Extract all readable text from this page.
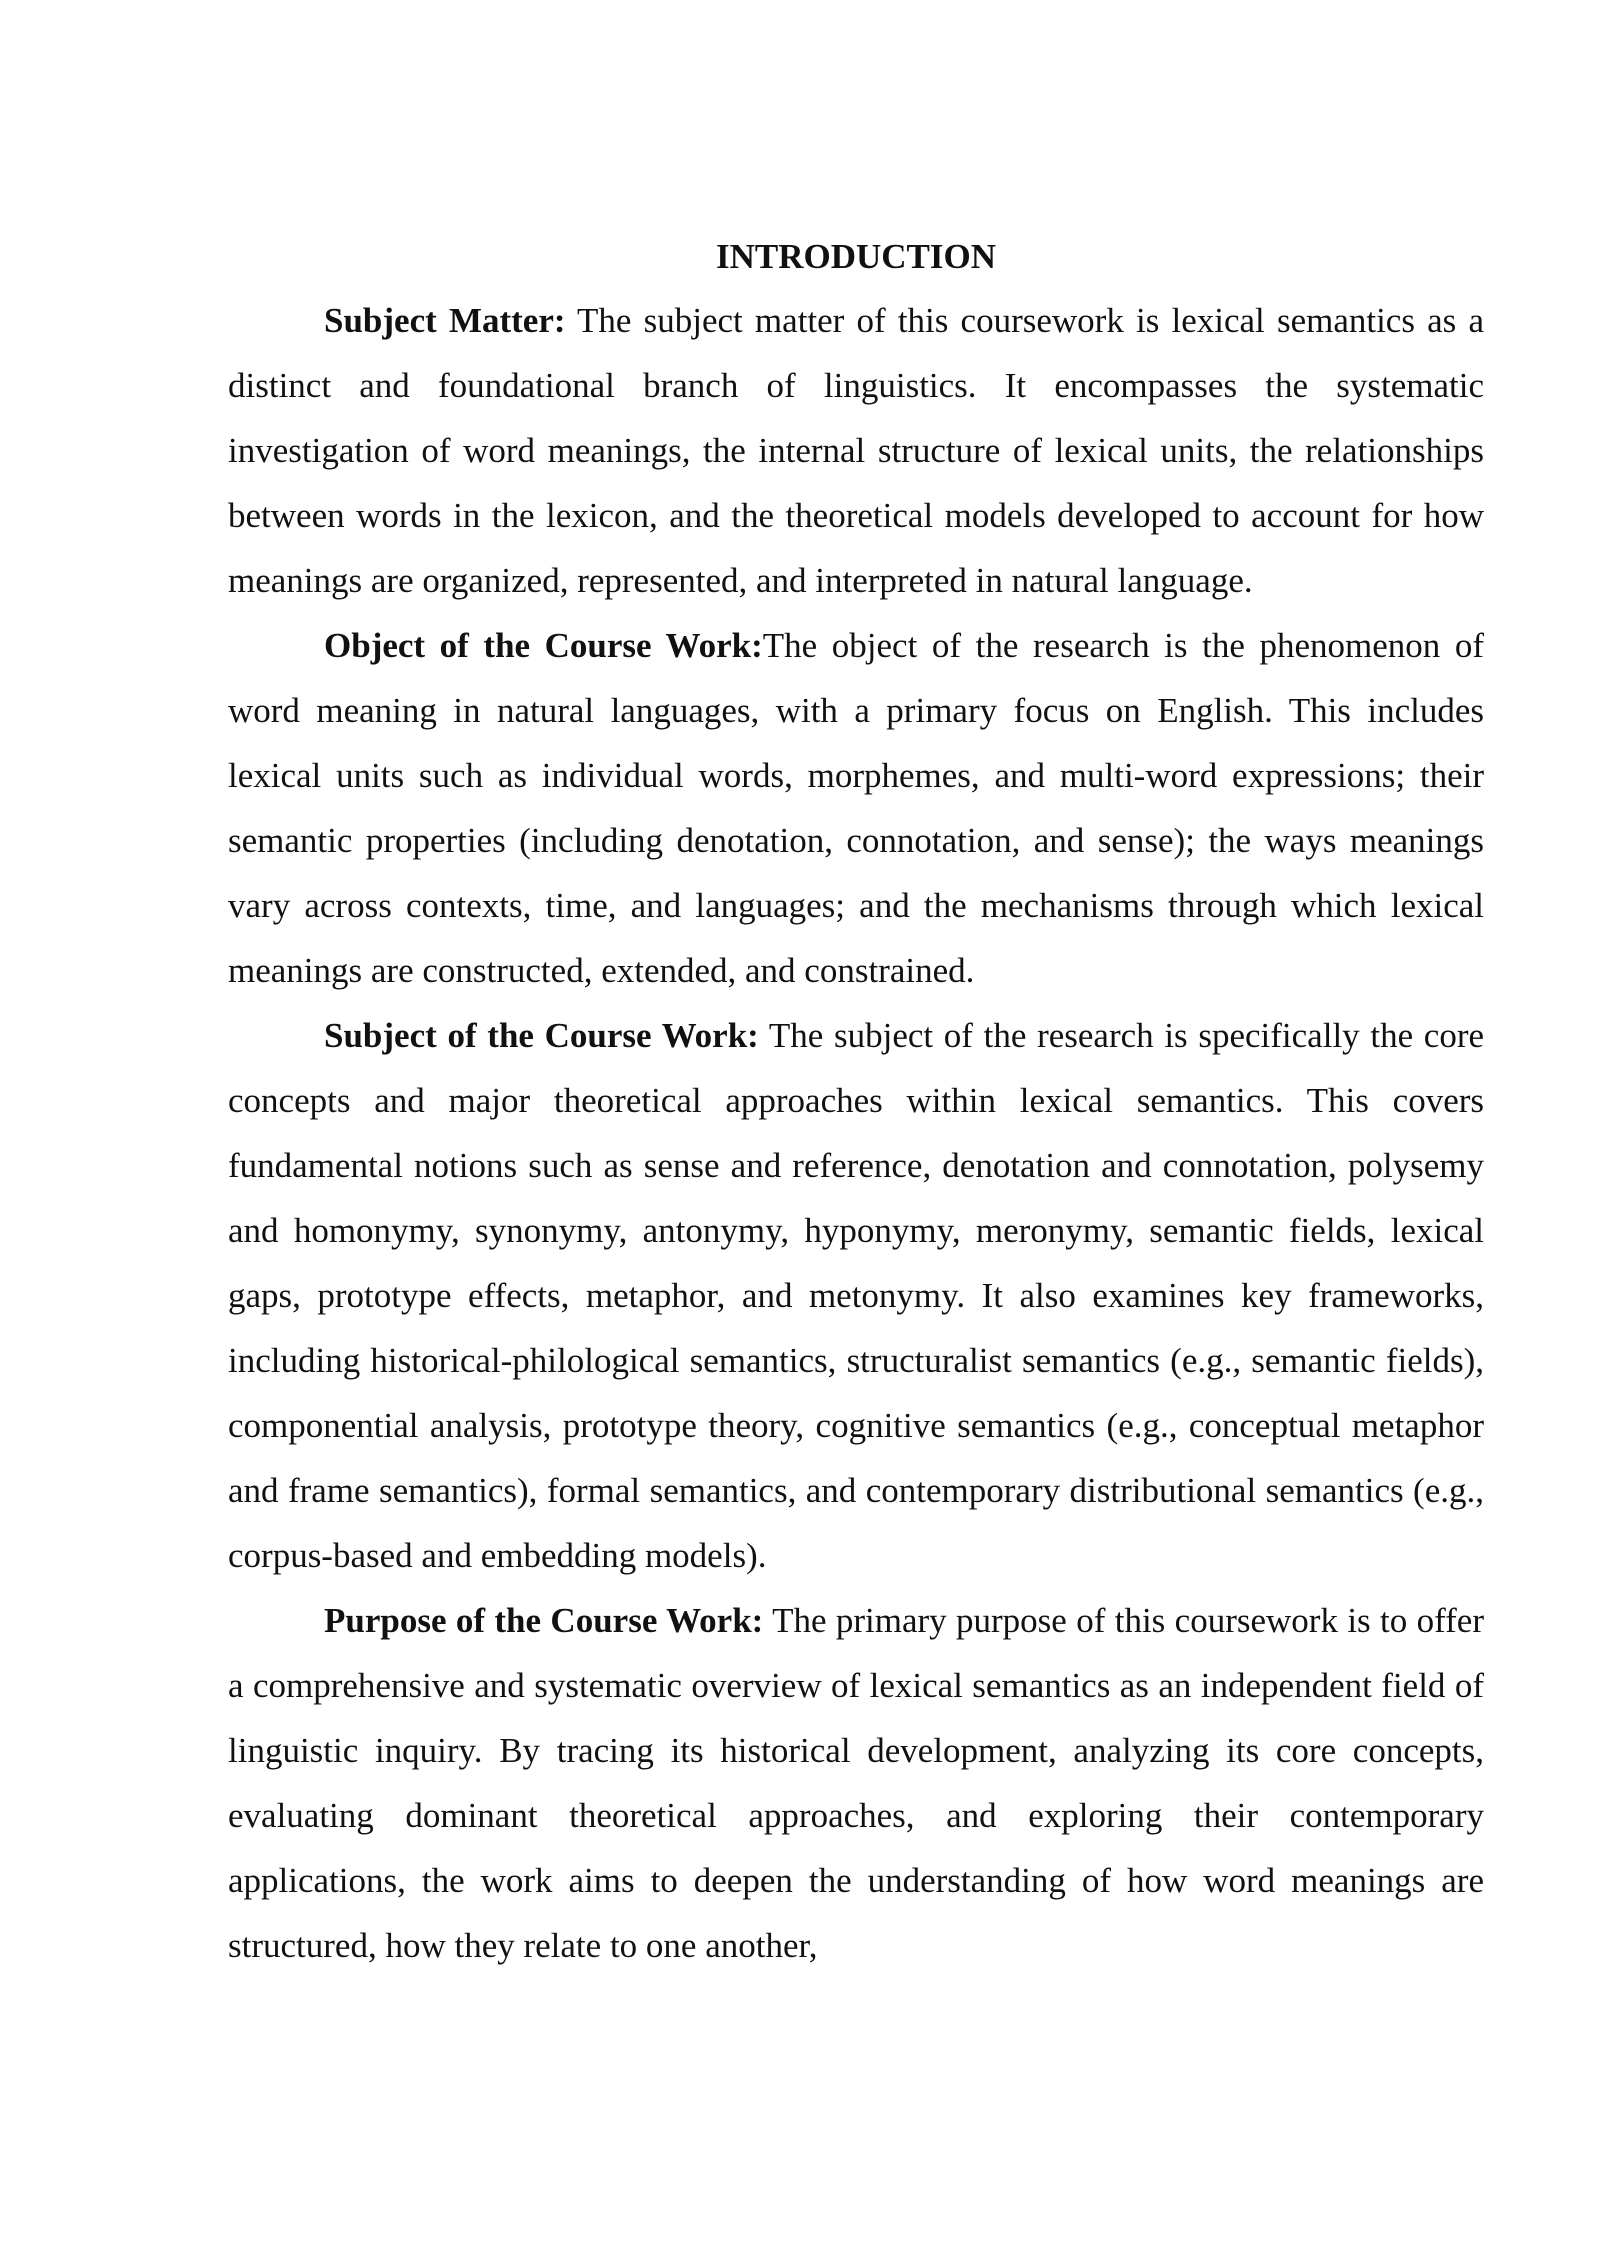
INTRODUCTION

Subject Matter: The subject matter of this coursework is lexical semantics as a distinct and foundational branch of linguistics. It encompasses the systematic investigation of word meanings, the internal structure of lexical units, the relationships between words in the lexicon, and the theoretical models developed to account for how meanings are organized, represented, and interpreted in natural language.

Object of the Course Work:The object of the research is the phenomenon of word meaning in natural languages, with a primary focus on English. This includes lexical units such as individual words, morphemes, and multi-word expressions; their semantic properties (including denotation, connotation, and sense); the ways meanings vary across contexts, time, and languages; and the mechanisms through which lexical meanings are constructed, extended, and constrained.

Subject of the Course Work: The subject of the research is specifically the core concepts and major theoretical approaches within lexical semantics. This covers fundamental notions such as sense and reference, denotation and connotation, polysemy and homonymy, synonymy, antonymy, hyponymy, meronymy, semantic fields, lexical gaps, prototype effects, metaphor, and metonymy. It also examines key frameworks, including historical-philological semantics, structuralist semantics (e.g., semantic fields), componential analysis, prototype theory, cognitive semantics (e.g., conceptual metaphor and frame semantics), formal semantics, and contemporary distributional semantics (e.g., corpus-based and embedding models).

Purpose of the Course Work: The primary purpose of this coursework is to offer a comprehensive and systematic overview of lexical semantics as an independent field of linguistic inquiry. By tracing its historical development, analyzing its core concepts, evaluating dominant theoretical approaches, and exploring their contemporary applications, the work aims to deepen the understanding of how word meanings are structured, how they relate to one another,
